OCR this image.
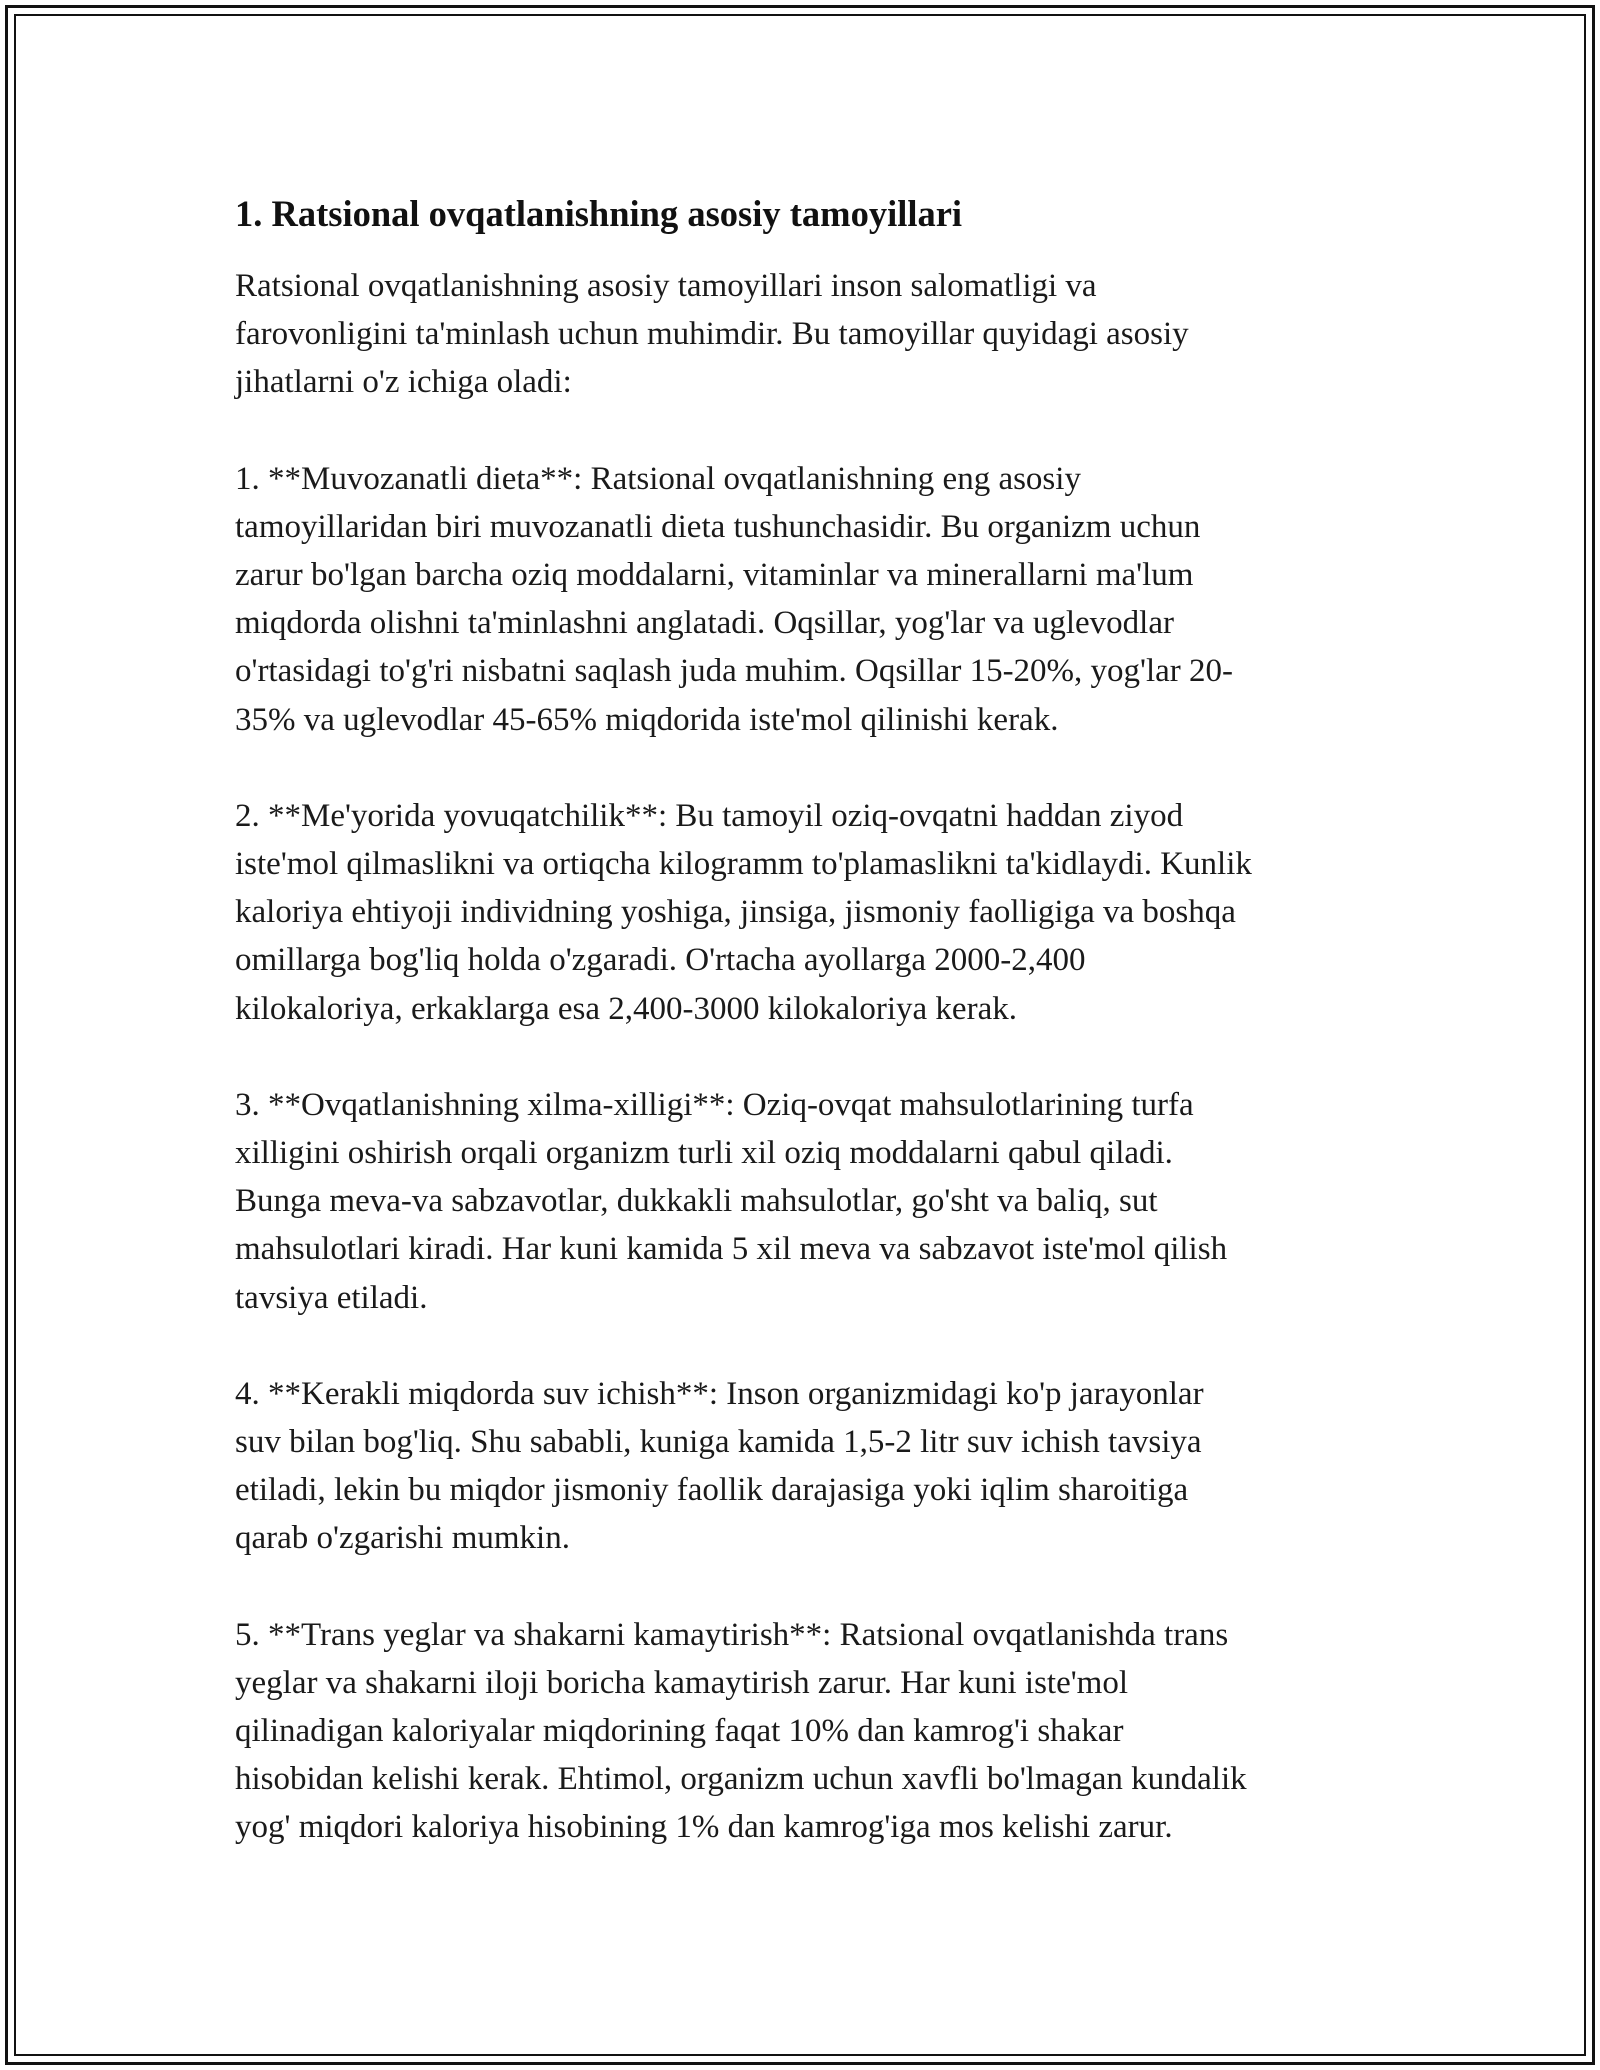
1. Ratsional ovqatlanishning asosiy tamoyillari
Ratsional ovqatlanishning asosiy tamoyillari inson salomatligi va
farovonligini ta'minlash uchun muhimdir. Bu tamoyillar quyidagi asosiy
jihatlarni o'z ichiga oladi:
1. **Muvozanatli dieta**: Ratsional ovqatlanishning eng asosiy
tamoyillaridan biri muvozanatli dieta tushunchasidir. Bu organizm uchun
zarur bo'lgan barcha oziq moddalarni, vitaminlar va minerallarni ma'lum
miqdorda olishni ta'minlashni anglatadi. Oqsillar, yog'lar va uglevodlar
o'rtasidagi to'g'ri nisbatni saqlash juda muhim. Oqsillar 15-20%, yog'lar 20-
35% va uglevodlar 45-65% miqdorida iste'mol qilinishi kerak.
2. **Me'yorida yovuqatchilik**: Bu tamoyil oziq-ovqatni haddan ziyod
iste'mol qilmaslikni va ortiqcha kilogramm to'plamaslikni ta'kidlaydi. Kunlik
kaloriya ehtiyoji individning yoshiga, jinsiga, jismoniy faolligiga va boshqa
omillarga bog'liq holda o'zgaradi. O'rtacha ayollarga 2000-2,400
kilokaloriya, erkaklarga esa 2,400-3000 kilokaloriya kerak.
3. **Ovqatlanishning xilma-xilligi**: Oziq-ovqat mahsulotlarining turfa
xilligini oshirish orqali organizm turli xil oziq moddalarni qabul qiladi.
Bunga meva-va sabzavotlar, dukkakli mahsulotlar, go'sht va baliq, sut
mahsulotlari kiradi. Har kuni kamida 5 xil meva va sabzavot iste'mol qilish
tavsiya etiladi.
4. **Kerakli miqdorda suv ichish**: Inson organizmidagi ko'p jarayonlar
suv bilan bog'liq. Shu sababli, kuniga kamida 1,5-2 litr suv ichish tavsiya
etiladi, lekin bu miqdor jismoniy faollik darajasiga yoki iqlim sharoitiga
qarab o'zgarishi mumkin.
5. **Trans yeglar va shakarni kamaytirish**: Ratsional ovqatlanishda trans
yeglar va shakarni iloji boricha kamaytirish zarur. Har kuni iste'mol
qilinadigan kaloriyalar miqdorining faqat 10% dan kamrog'i shakar
hisobidan kelishi kerak. Ehtimol, organizm uchun xavfli bo'lmagan kundalik
yog' miqdori kaloriya hisobining 1% dan kamrog'iga mos kelishi zarur.
